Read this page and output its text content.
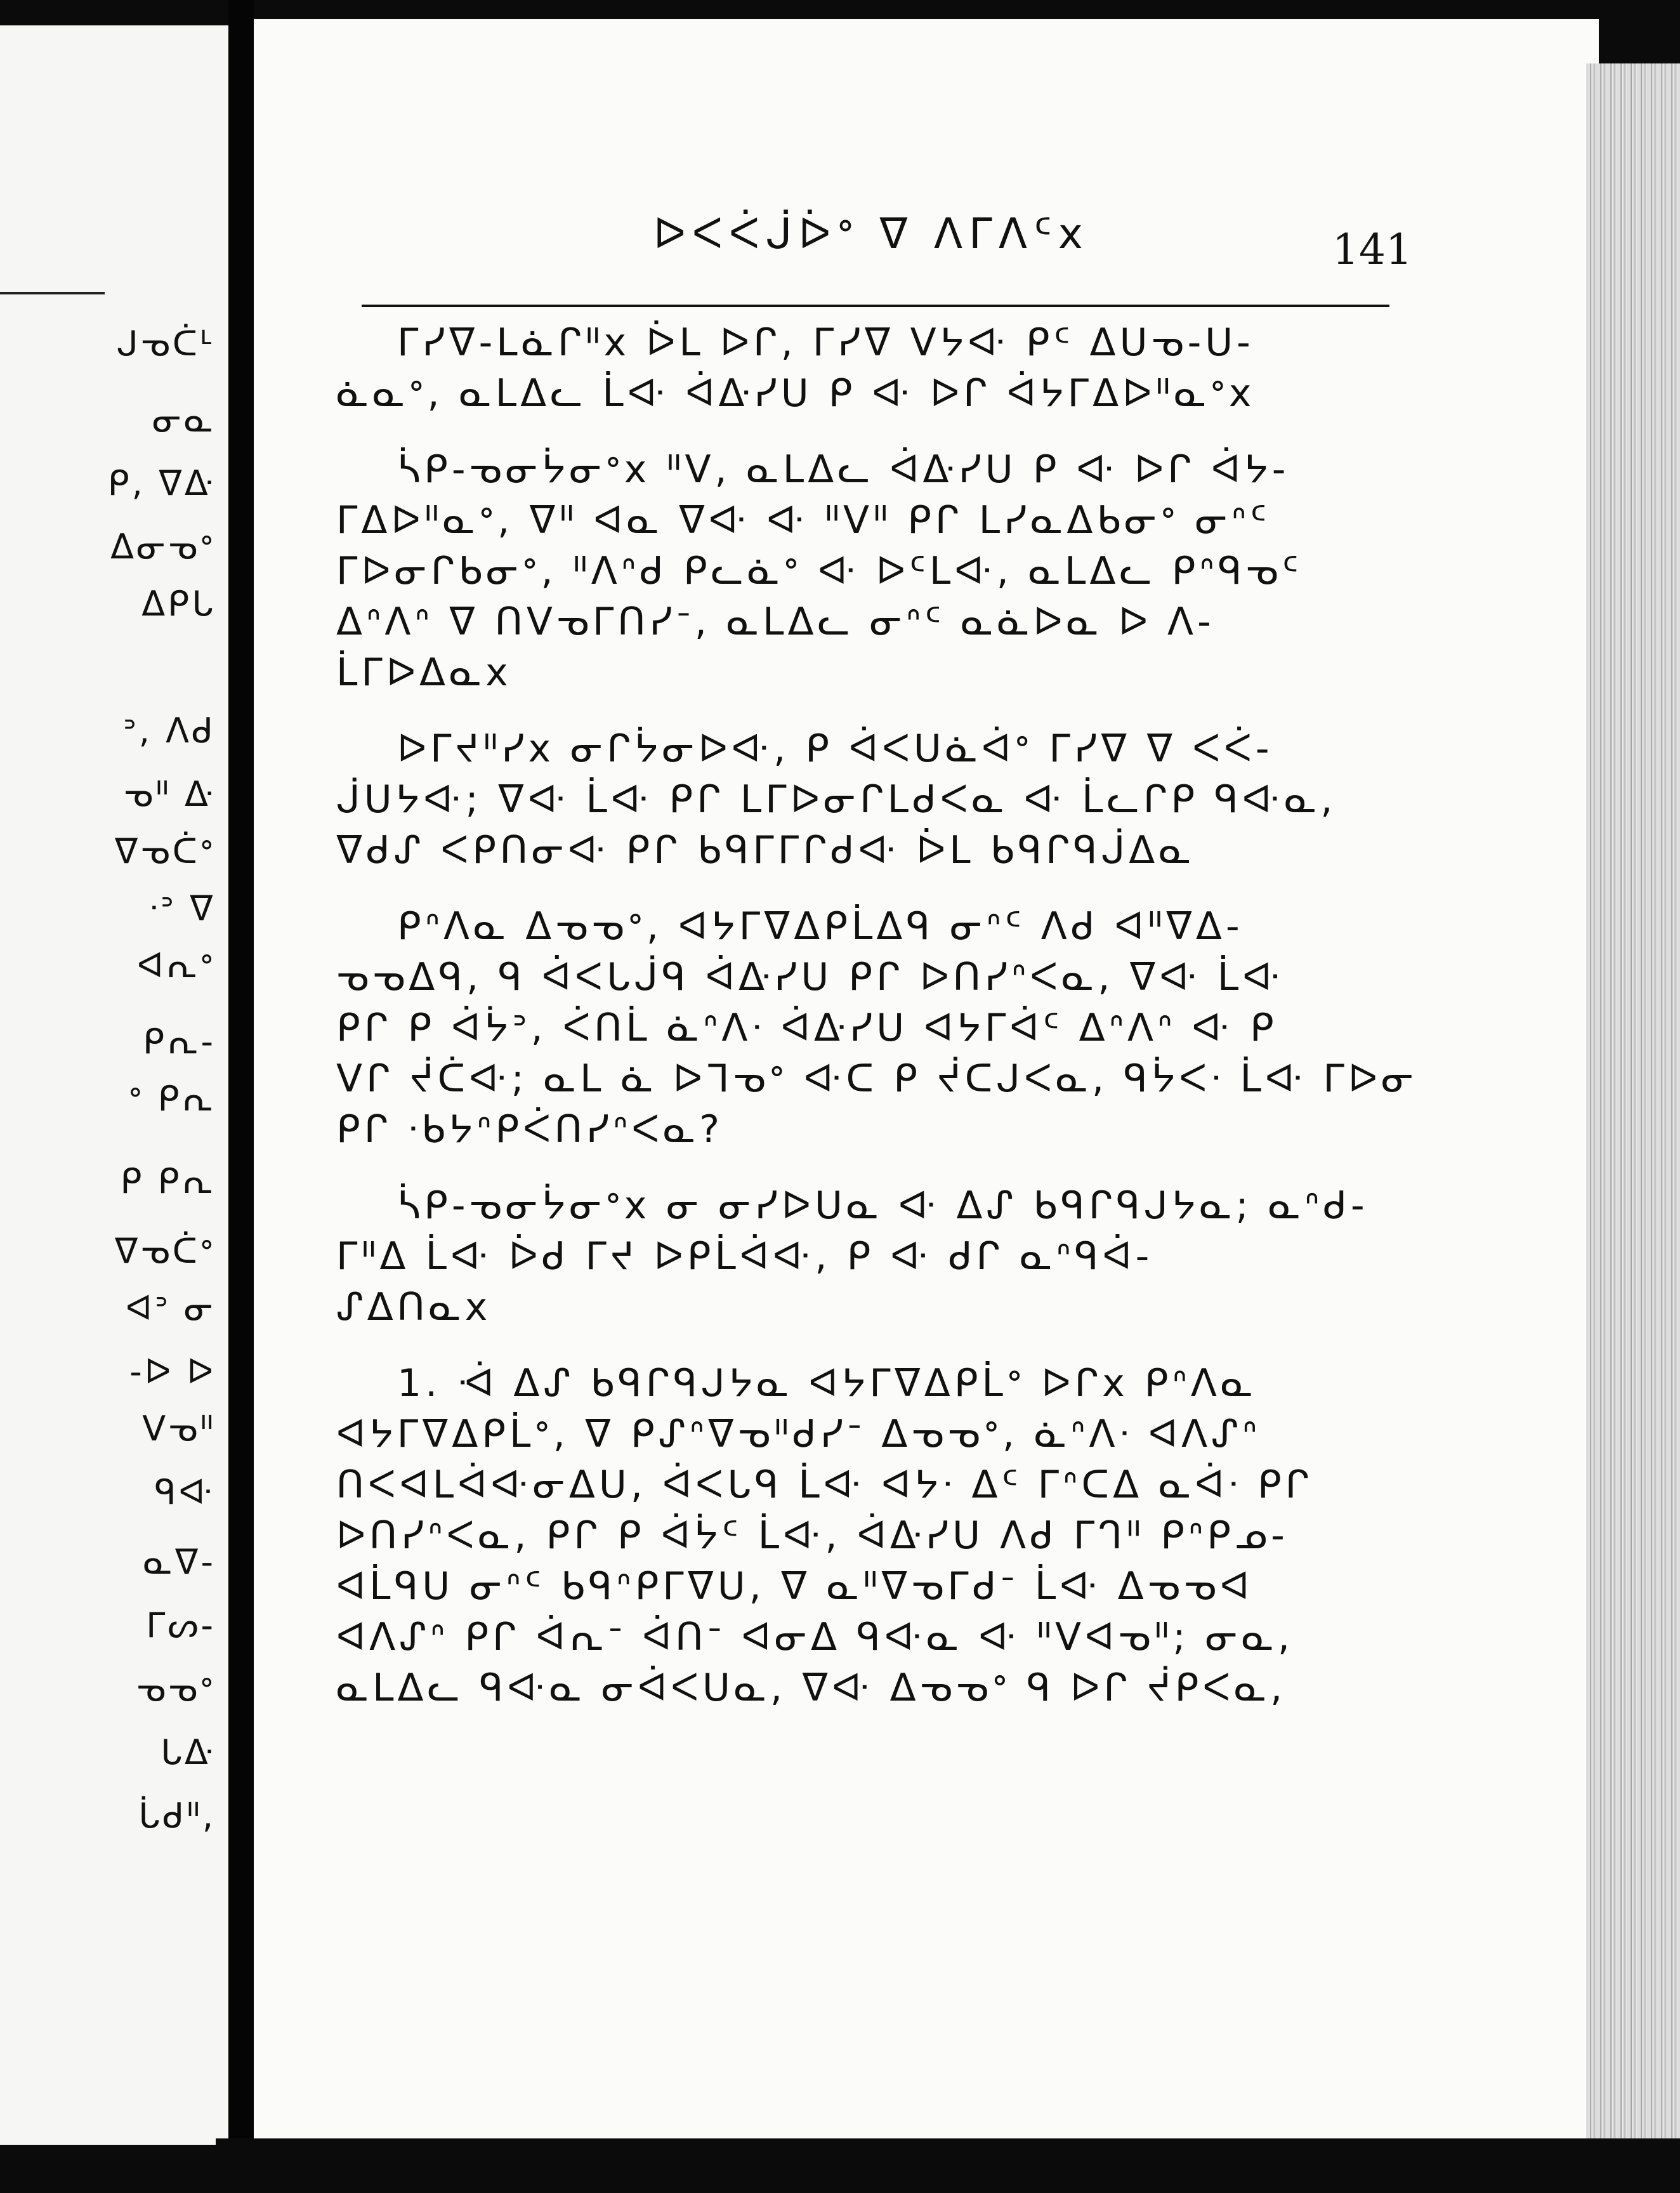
ᒍᓀᑖᒻ
ᓂᓇ
ᑭ, ᐁᐏ
ᐃᓂᓀᐤ
ᐃᑭᒐ
ᐣ, ᐱᑯ
ᓀᐦ ᐏ
ᐁᓀᑖᐤ
ᐧᐣ ᐁ
ᐊᕆᐤ
ᑭᕆ-
ᐤ ᑭᕆ
ᑭ ᑭᕆ
ᐁᓀᑖᐤ
ᐊᐣ ᓂ
-ᐅ ᐅ
ᐯᓀᐦ
ᑫᐘ
ᓇᐁ-
ᒥᔕ-
ᓀᓀᐤ
ᒐᐏ
ᒑᑯᐦ,
ᐅᐸᐹᒎᐆᐤ ᐁ ᐱᒥᐱᑦx	141
ᒥᓯᐁ-ᒪᓈᒋᐦx ᐆᒪ ᐅᒋ, ᒥᓯᐁ ᐯᔭᐘ ᑭᑦ ᐃᑌᓀ-ᑌ-
ᓈᓇᐤ, ᓇᒪᐃᓚ ᒫᐘ ᐋᐏᓯᑌ ᑭ ᐘ ᐅᒋ ᐋᔭᒥᐃᐅᐦᓇᐤx
ᓵᑭ-ᓀᓂᔮᓂᐤx ᐦᐯ, ᓇᒪᐃᓚ ᐋᐏᓯᑌ ᑭ ᐘ ᐅᒋ ᐋᔭ-
ᒥᐃᐅᐦᓇᐤ, ᐁᐦ ᐊᓇ ᐁᐘ ᐘ ᐦᐯᐦ ᑭᒋ ᒪᓯᓇᐃᑲᓂᐤ ᓂᐢᑦ
ᒥᐅᓂᒋᑲᓂᐤ, ᐦᐱᐢᑯ ᑭᓚᓈᐤ ᐘ ᐅᑦᒪᐘ, ᓇᒪᐃᓚ ᑭᐢᑫᓀᑦ
ᐃᐢᐱᐢ ᐁ ᑎᐯᓀᒥᑎᓯᐨ, ᓇᒪᐃᓚ ᓂᐢᑦ ᓇᓈᐅᓇ ᐅ ᐱ-
ᒫᒥᐅᐃᓇx
ᐅᒥᔪᐦᓯx ᓂᒋᔮᓂᐅᐘ, ᑭ ᐋᐸᑌᓈᐋᐤ ᒥᓯᐁ ᐁ ᐸᐹ-
ᒎᑌᔭᐘ; ᐁᐘ ᒫᐘ ᑭᒋ ᒪᒥᐅᓂᒋᒪᑯᐸᓇ ᐘ ᒫᓚᒋᑭ ᑫᐘᓇ,
ᐁᑯᔑ ᐸᑭᑎᓂᐘ ᑭᒋ ᑲᑫᒥᒥᒋᑯᐘ ᐆᒪ ᑲᑫᒋᑫᒎᐃᓇ
ᑭᐢᐱᓇ ᐃᓀᓀᐤ, ᐊᔭᒥᐁᐃᑭᒫᐃᑫ ᓂᐢᑦ ᐱᑯ ᐊᐦᐁᐃ-
ᓀᓀᐃᑫ, ᑫ ᐋᐸᒐᒎᑫ ᐋᐏᓯᑌ ᑭᒋ ᐅᑎᓯᐢᐸᓇ, ᐁᐘ ᒫᐘ
ᑭᒋ ᑭ ᐋᔮᐣ, ᐹᑎᒫ ᓈᐢᐱᐧ ᐋᐏᓯᑌ ᐊᔭᒥᐋᑦ ᐃᐢᐱᐢ ᐘ ᑭ
ᐯᒋ ᔫᑖᐘ; ᓇᒪ ᓈ ᐅᒣᓀᐤ ᐘᑕ ᑭ ᔫᑕᒍᐸᓇ, ᑫᔮᐸᐧ ᒫᐘ ᒥᐅᓂ
ᑭᒋ ᐧᑲᔭᐢᑭᐹᑎᓯᐢᐸᓇ?
ᓵᑭ-ᓀᓂᔮᓂᐤx ᓂ ᓂᓯᐅᑌᓇ ᐘ ᐃᔑ ᑲᑫᒋᑫᒍᔭᓇ; ᓇᐢᑯ-
ᒥᐦᐃ ᒫᐘ ᐆᑯ ᒥᔪ ᐅᑭᒫᐋᐘ, ᑭ ᐘ ᑯᒋ ᓇᐢᑫᐋ-
ᔑᐃᑎᓇx
1. ᐙ ᐃᔑ ᑲᑫᒋᑫᒍᔭᓇ ᐊᔭᒥᐁᐃᑭᒫᐤ ᐅᒋx ᑭᐢᐱᓇ
ᐊᔭᒥᐁᐃᑭᒫᐤ, ᐁ ᑭᔑᐢᐁᓀᐦᑯᓯᐨ ᐃᓀᓀᐤ, ᓈᐢᐱᐧ ᐊᐱᔑᐢ
ᑎᐸᐊᒪᐋᐘᓂᐃᑌ, ᐋᐸᒐᑫ ᒫᐘ ᐊᔭᐧ ᐃᑦ ᒥᐢᑕᐃ ᓇᐋᐧ ᑭᒋ
ᐅᑎᓯᐢᐸᓇ, ᑭᒋ ᑭ ᐋᔮᑦ ᒫᐘ, ᐋᐏᓯᑌ ᐱᑯ ᒥᒉᐦ ᑭᐢᑭᓄ-
ᐊᒫᑫᑌ ᓂᐢᑦ ᑲᑫᐢᑭᒥᐁᑌ, ᐁ ᓇᐦᐁᓀᒥᑯᐨ ᒫᐘ ᐃᓀᓀᐊ
ᐊᐱᔑᐢ ᑭᒋ ᐋᕆᐨ ᐋᑎᐨ ᐊᓂᐃ ᑫᐘᓇ ᐘ ᐦᐯᐊᓀᐦ; ᓂᓇ,
ᓇᒪᐃᓚ ᑫᐘᓇ ᓂᐋᐸᑌᓇ, ᐁᐘ ᐃᓀᓀᐤ ᑫ ᐅᒋ ᔫᑭᐸᓇ,
